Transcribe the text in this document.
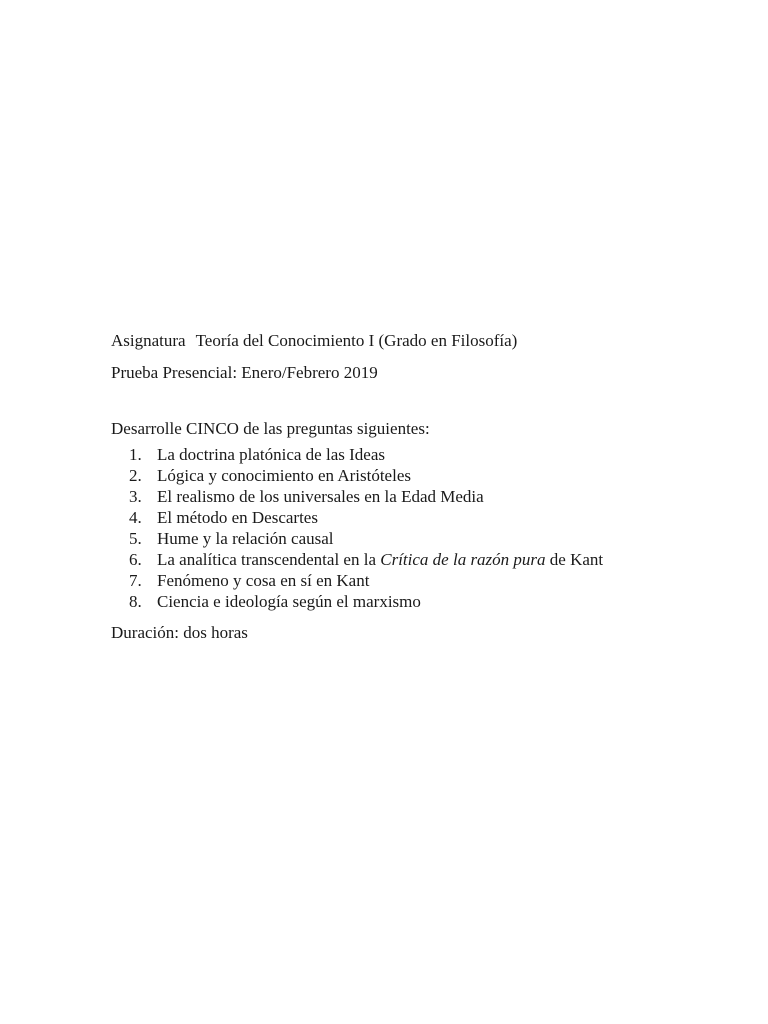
Asignatura Teoría del Conocimiento I (Grado en Filosofía)

Prueba Presencial: Enero/Febrero 2019

Desarrolle CINCO de las preguntas siguientes:

1. La doctrina platónica de las Ideas
2. Lógica y conocimiento en Aristóteles
3. El realismo de los universales en la Edad Media
4. El método en Descartes
5. Hume y la relación causal
6. La analítica transcendental en la Crítica de la razón pura de Kant
7. Fenómeno y cosa en sí en Kant
8. Ciencia e ideología según el marxismo

Duración: dos horas
